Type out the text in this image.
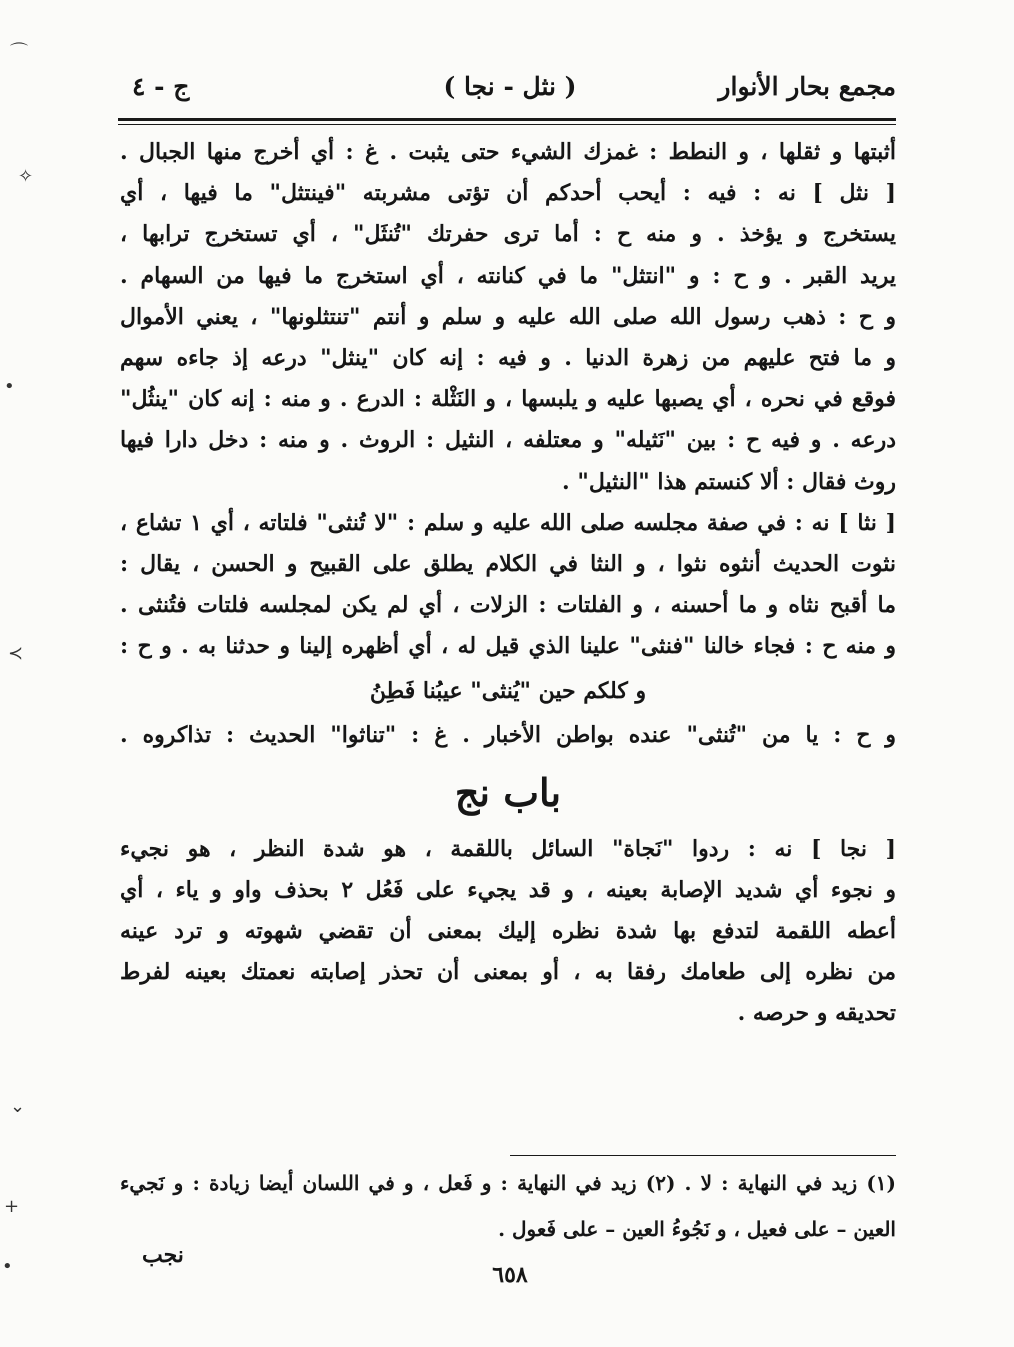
مجمع بحار الأنوار
( نثل - نجا )
ج - ٤
أثبتها و ثقلها ، و النطط : غمزك الشيء حتى يثبت . غ : أي أخرج منها الجبال .
[ نثل ] نه : فيه : أيحب أحدكم أن تؤتى مشربته "فينتثل" ما فيها ، أي
يستخرج و يؤخذ . و منه ح : أما ترى حفرتك "تُنثَل" ، أي تستخرج ترابها ،
يريد القبر . و ح : و "انتثل" ما في كنانته ، أي استخرج ما فيها من السهام .
و ح : ذهب رسول الله صلى الله عليه و سلم و أنتم "تنتثلونها" ، يعني الأموال
و ما فتح عليهم من زهرة الدنيا . و فيه : إنه كان "ينثل" درعه إذ جاءه سهم
فوقع في نحره ، أي يصبها عليه و يلبسها ، و النَثْلة : الدرع . و منه : إنه كان "ينثُل"
درعه . و فيه ح : بين "نَثيله" و معتلفه ، النثيل : الروث . و منه : دخل دارا فيها
روث فقال : ألا كنستم هذا "النثيل" .
[ نثا ] نه : في صفة مجلسه صلى الله عليه و سلم : "لا تُنثى" فلتاته ، أي ١ تشاع ،
نثوت الحديث أنثوه نثوا ، و النثا في الكلام يطلق على القبيح و الحسن ، يقال :
ما أقبح نثاه و ما أحسنه ، و الفلتات : الزلات ، أي لم يكن لمجلسه فلتات فتُنثى .
و منه ح : فجاء خالنا "فنثى" علينا الذي قيل له ، أي أظهره إلينا و حدثنا به . و ح :
و كلكم حين "يُنثى" عيبُنا فَطِنُ
و ح : يا من "تُنثى" عنده بواطن الأخبار . غ : "تناثوا" الحديث : تذاكروه .
باب نج
[ نجا ] نه : ردوا "نَجاة" السائل باللقمة ، هو شدة النظر ، هو نجيء
و نجوء أي شديد الإصابة بعينه ، و قد يجيء على فَعُل ٢ بحذف واو و ياء ، أي
أعطه اللقمة لتدفع بها شدة نظره إليك بمعنى أن تقضي شهوته و ترد عينه
من نظره إلى طعامك رفقا به ، أو بمعنى أن تحذر إصابته نعمتك بعينه لفرط
تحديقه و حرصه .
(١) زيد في النهاية : لا . (٢) زيد في النهاية : و فَعل ، و في اللسان أيضا زيادة : و نَجيء
العين – على فعيل ، و نَجُوءُ العين – على فَعول .
نجب
٦٥٨
⌒
✧
•
≺
⌄
+
•
